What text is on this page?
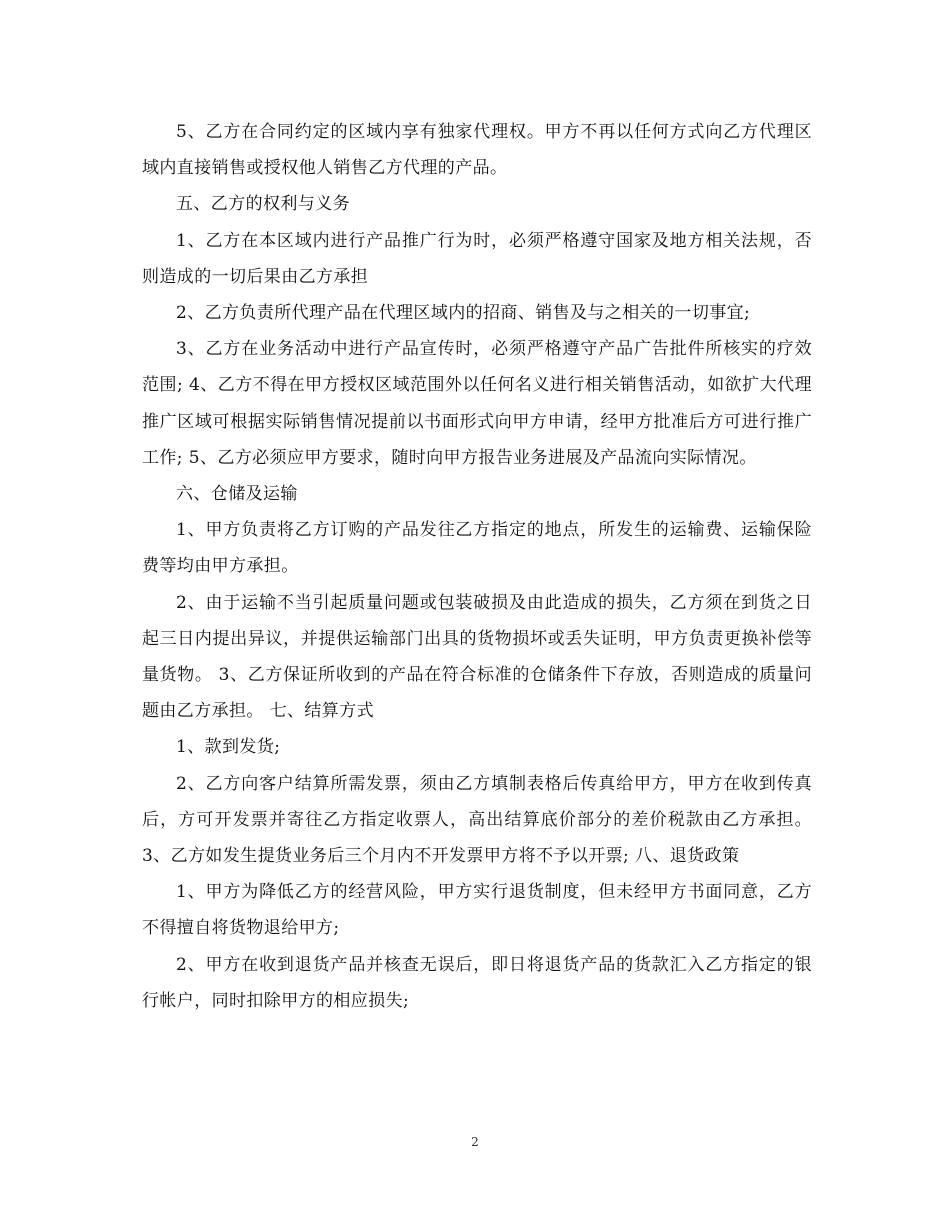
5、乙方在合同约定的区域内享有独家代理权。甲方不再以任何方式向乙方代理区域内直接销售或授权他人销售乙方代理的产品。

五、乙方的权利与义务

1、乙方在本区域内进行产品推广行为时，必须严格遵守国家及地方相关法规，否则造成的一切后果由乙方承担

2、乙方负责所代理产品在代理区域内的招商、销售及与之相关的一切事宜;

3、乙方在业务活动中进行产品宣传时，必须严格遵守产品广告批件所核实的疗效范围; 4、乙方不得在甲方授权区域范围外以任何名义进行相关销售活动，如欲扩大代理推广区域可根据实际销售情况提前以书面形式向甲方申请，经甲方批准后方可进行推广工作; 5、乙方必须应甲方要求，随时向甲方报告业务进展及产品流向实际情况。

六、仓储及运输

1、甲方负责将乙方订购的产品发往乙方指定的地点，所发生的运输费、运输保险费等均由甲方承担。

2、由于运输不当引起质量问题或包装破损及由此造成的损失，乙方须在到货之日起三日内提出异议，并提供运输部门出具的货物损坏或丢失证明，甲方负责更换补偿等量货物。 3、乙方保证所收到的产品在符合标准的仓储条件下存放，否则造成的质量问题由乙方承担。 七、结算方式

1、款到发货;

2、乙方向客户结算所需发票，须由乙方填制表格后传真给甲方，甲方在收到传真后，方可开发票并寄往乙方指定收票人，高出结算底价部分的差价税款由乙方承担。 3、乙方如发生提货业务后三个月内不开发票甲方将不予以开票; 八、退货政策

1、甲方为降低乙方的经营风险，甲方实行退货制度，但未经甲方书面同意，乙方不得擅自将货物退给甲方;

2、甲方在收到退货产品并核查无误后，即日将退货产品的货款汇入乙方指定的银行帐户，同时扣除甲方的相应损失;

2
